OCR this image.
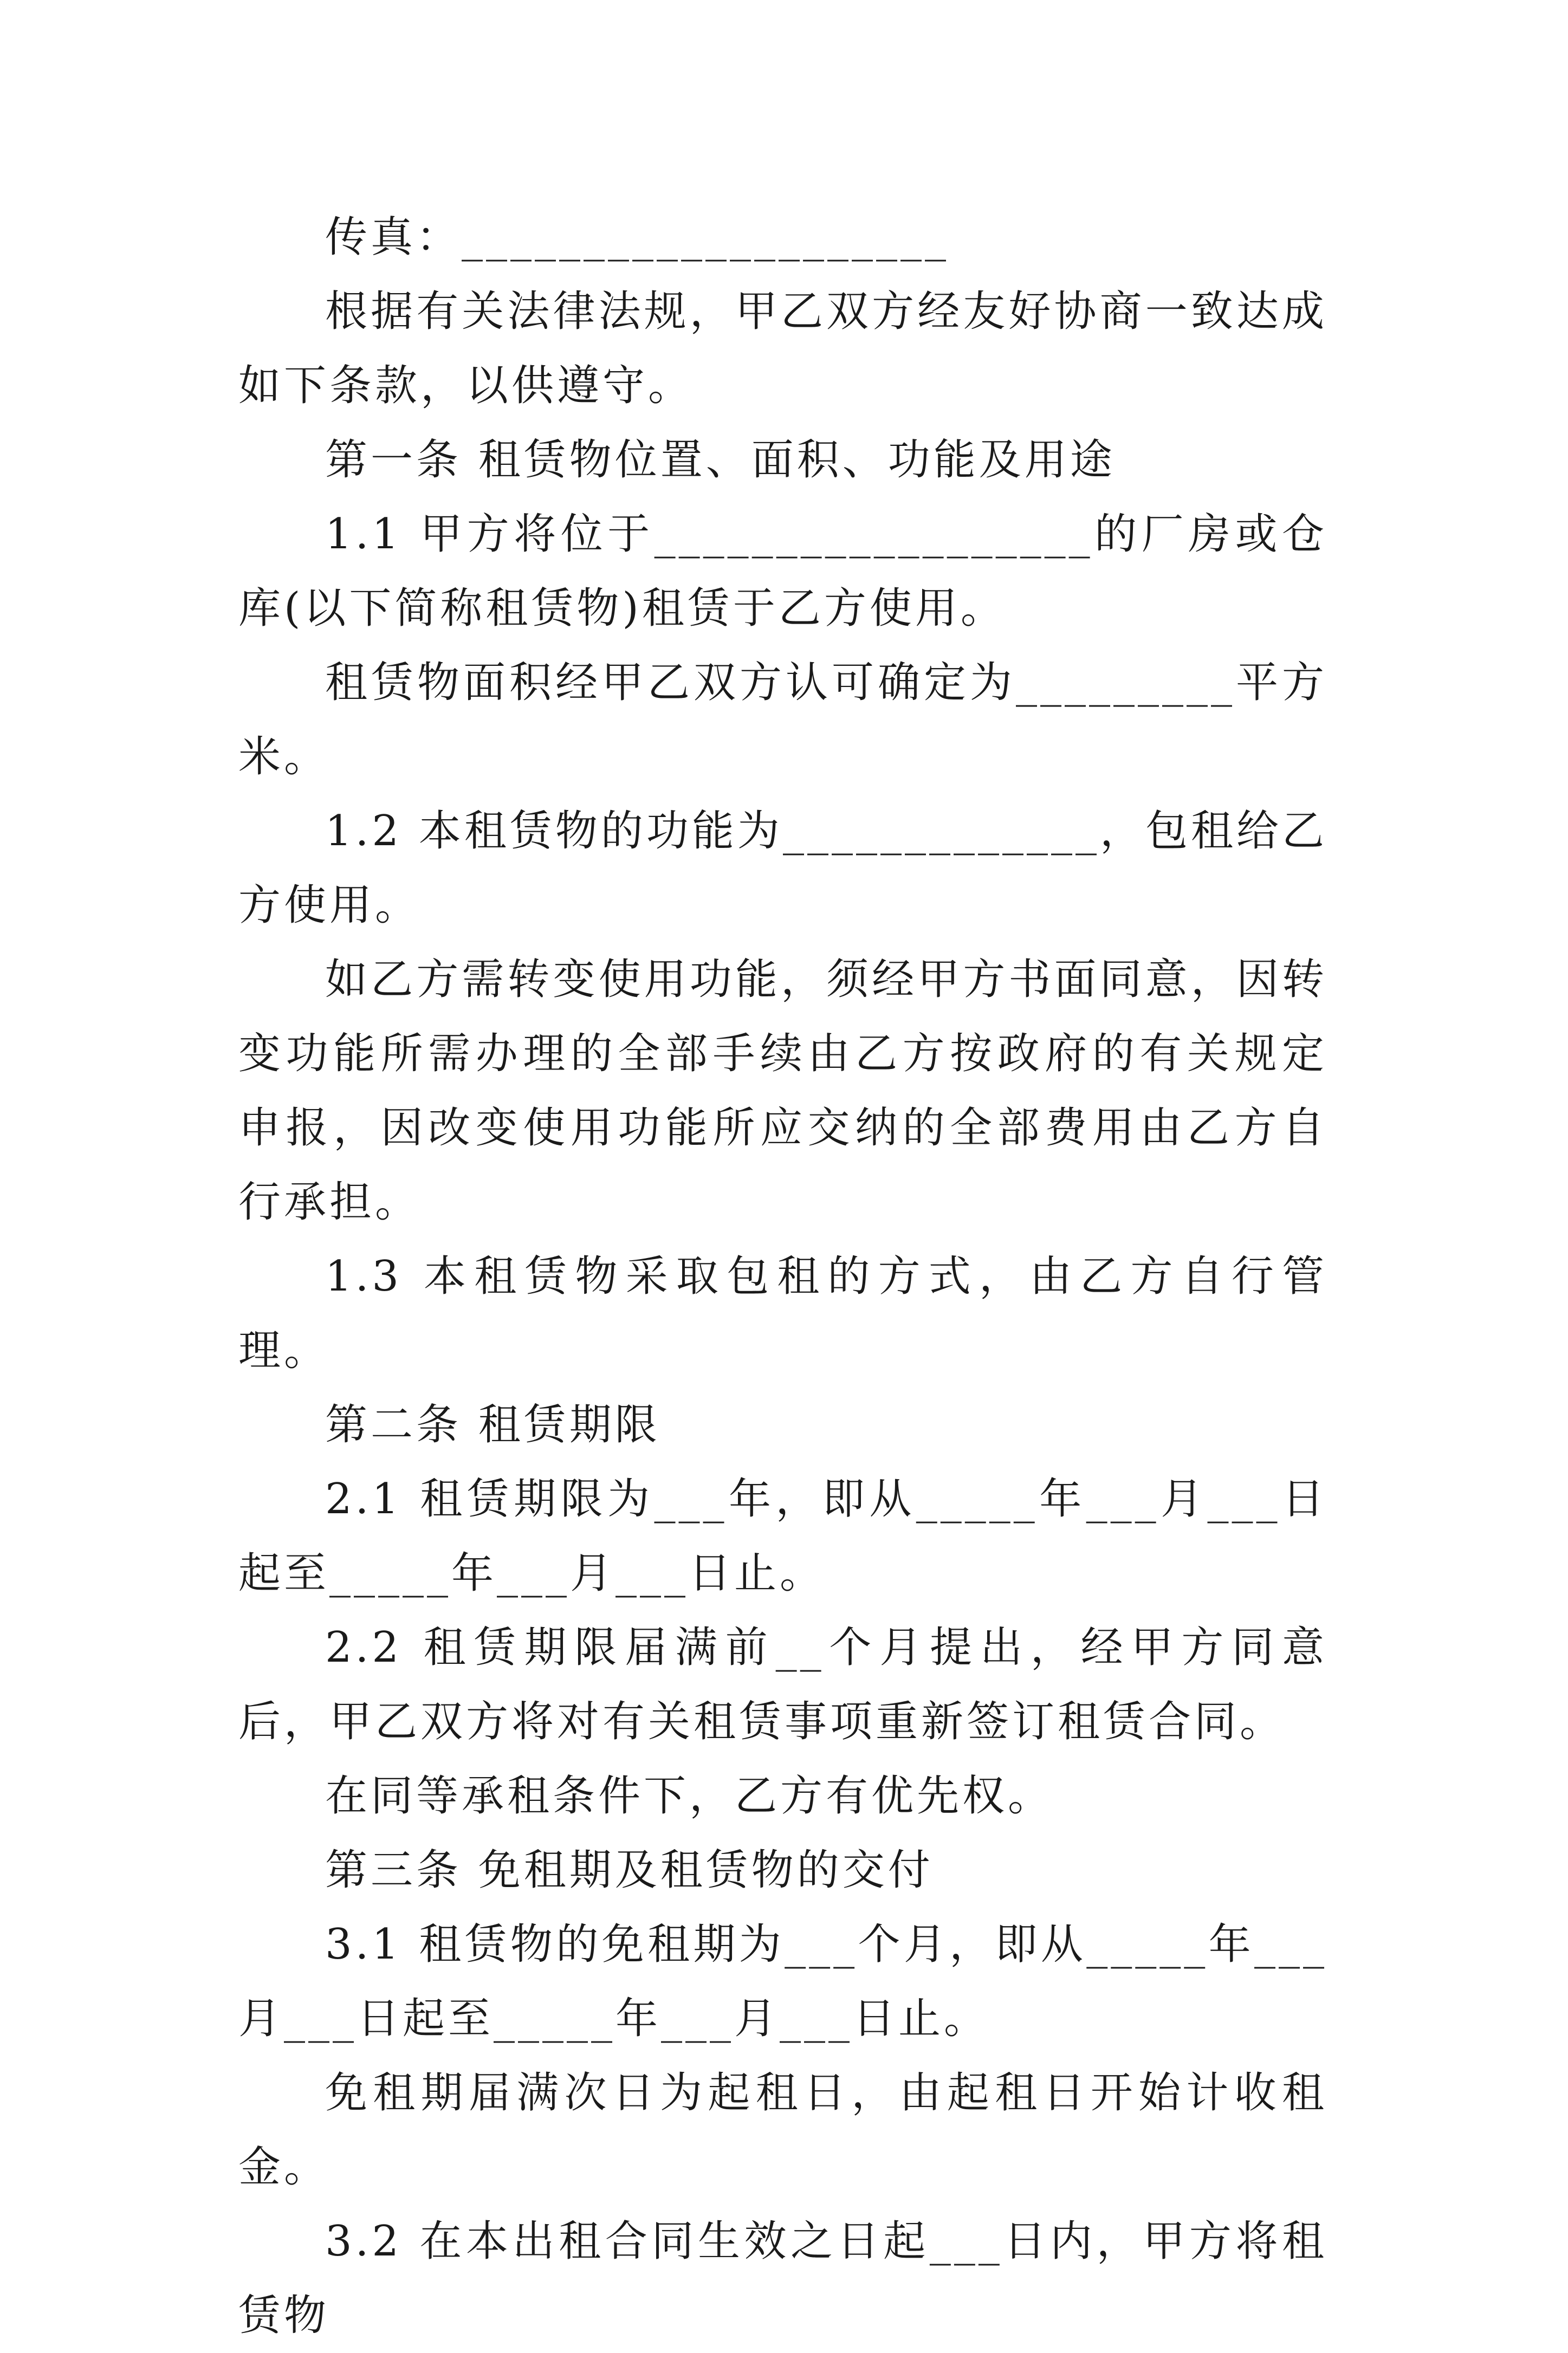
传真：____________________

根据有关法律法规，甲乙双方经友好协商一致达成如下条款，以供遵守。

第一条 租赁物位置、面积、功能及用途

1.1 甲方将位于__________________的厂房或仓库(以下简称租赁物)租赁于乙方使用。

租赁物面积经甲乙双方认可确定为_________平方米。

1.2 本租赁物的功能为_____________，包租给乙方使用。

如乙方需转变使用功能，须经甲方书面同意，因转变功能所需办理的全部手续由乙方按政府的有关规定申报，因改变使用功能所应交纳的全部费用由乙方自行承担。

1.3 本租赁物采取包租的方式，由乙方自行管理。

第二条 租赁期限

2.1 租赁期限为___年，即从_____年___月___日起至_____年___月___日止。

2.2 租赁期限届满前__个月提出，经甲方同意后，甲乙双方将对有关租赁事项重新签订租赁合同。

在同等承租条件下，乙方有优先权。

第三条 免租期及租赁物的交付

3.1 租赁物的免租期为___个月，即从_____年___月___日起至_____年___月___日止。

免租期届满次日为起租日，由起租日开始计收租金。

3.2 在本出租合同生效之日起___日内，甲方将租赁物
